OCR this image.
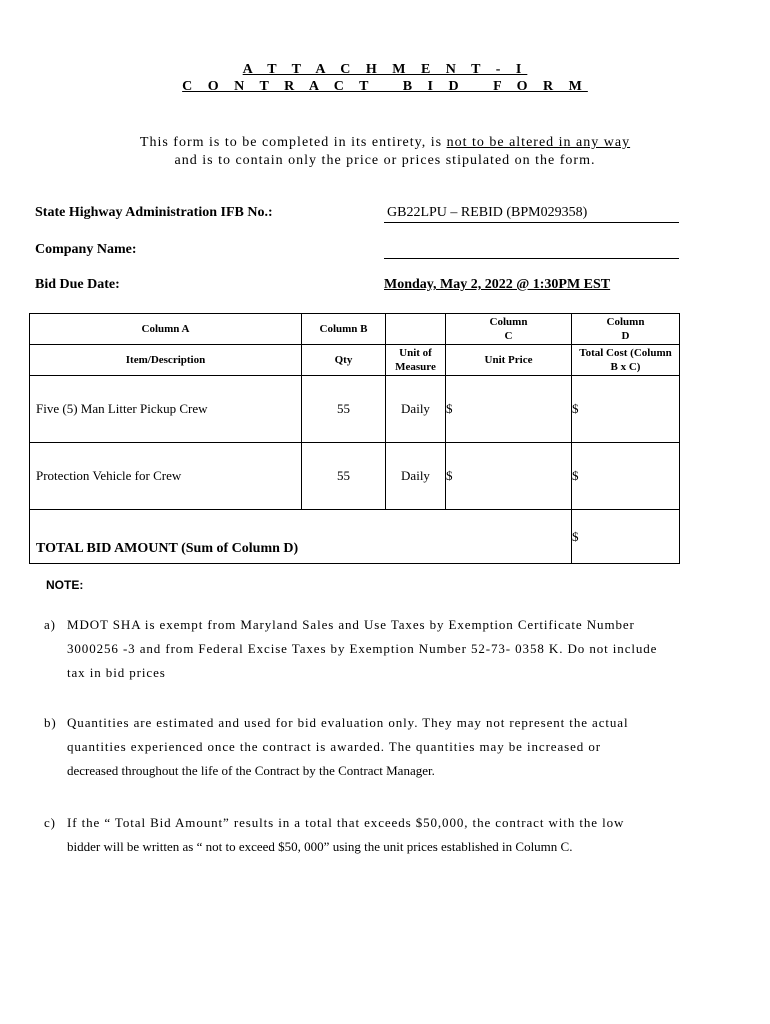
A T T A C H M E N T - I
C O N T R A C T   B I D   F O R M
This form is to be completed in its entirety, is not to be altered in any way
and is to contain only the price or prices stipulated on the form.
State Highway Administration IFB No.:	GB22LPU – REBID (BPM029358)
Company Name:
Bid Due Date:	Monday, May 2, 2022 @ 1:30PM EST
Column A	Column B		Column C	Column D

Item/Description	Qty	Unit of Measure	Unit Price	Total Cost (Column B x C)

Five (5) Man Litter Pickup Crew	55	Daily	$	$
Protection Vehicle for Crew	55	Daily	$	$
TOTAL BID AMOUNT (Sum of Column D)				$
NOTE:
a) MDOT SHA is exempt from Maryland Sales and Use Taxes by Exemption Certificate Number
3000256 -3 and from Federal Excise Taxes by Exemption Number 52-73- 0358 K. Do not include
tax in bid prices
b) Quantities are estimated and used for bid evaluation only. They may not represent the actual
quantities experienced once the contract is awarded. The quantities may be increased or
decreased throughout the life of the Contract by the Contract Manager.
c) If the “ Total Bid Amount” results in a total that exceeds $50,000, the contract with the low
bidder will be written as “ not to exceed $50, 000” using the unit prices established in Column C.
